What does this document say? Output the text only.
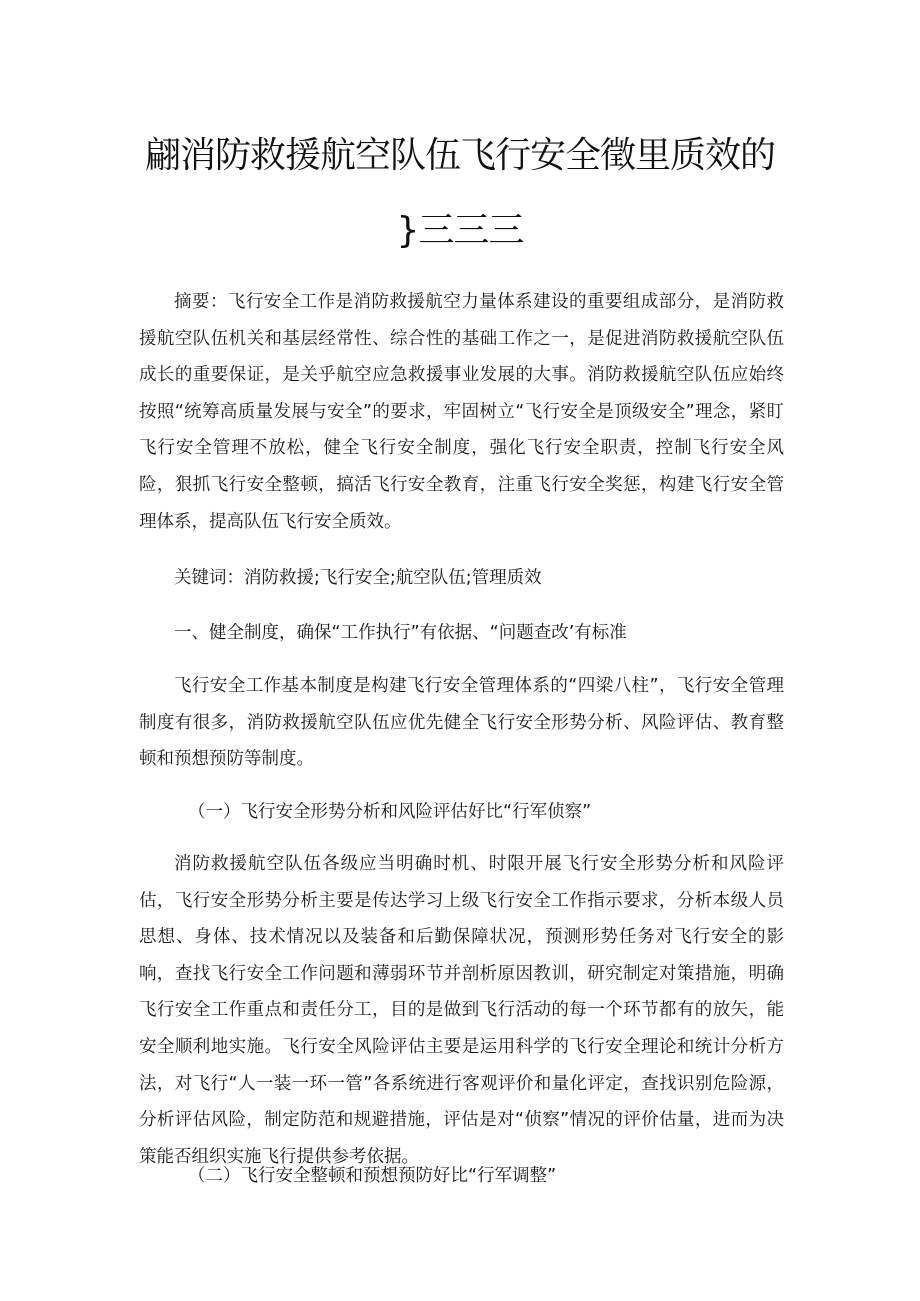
翩消防救援航空队伍飞行安全徵里质效的
}三三三

摘要：飞行安全工作是消防救援航空力量体系建设的重要组成部分，是消防救援航空队伍机关和基层经常性、综合性的基础工作之一，是促进消防救援航空队伍成长的重要保证，是关乎航空应急救援事业发展的大事。消防救援航空队伍应始终按照“统筹高质量发展与安全”的要求，牢固树立“飞行安全是顶级安全”理念，紧盯飞行安全管理不放松，健全飞行安全制度，强化飞行安全职责，控制飞行安全风险，狠抓飞行安全整顿，搞活飞行安全教育，注重飞行安全奖惩，构建飞行安全管理体系，提高队伍飞行安全质效。

关键词：消防救援;飞行安全;航空队伍;管理质效

一、健全制度，确保“工作执行”有依据、“问题查改’有标准

飞行安全工作基本制度是构建飞行安全管理体系的“四梁八柱”，飞行安全管理制度有很多，消防救援航空队伍应优先健全飞行安全形势分析、风险评估、教育整顿和预想预防等制度。

（一）飞行安全形势分析和风险评估好比“行军侦察”

消防救援航空队伍各级应当明确时机、时限开展飞行安全形势分析和风险评估，飞行安全形势分析主要是传达学习上级飞行安全工作指示要求，分析本级人员思想、身体、技术情况以及装备和后勤保障状况，预测形势任务对飞行安全的影响，查找飞行安全工作问题和薄弱环节并剖析原因教训，研究制定对策措施，明确飞行安全工作重点和责任分工，目的是做到飞行活动的每一个环节都有的放矢，能安全顺利地实施。飞行安全风险评估主要是运用科学的飞行安全理论和统计分析方法，对飞行“人一装一环一管”各系统进行客观评价和量化评定，查找识别危险源，分析评估风险，制定防范和规避措施，评估是对“侦察”情况的评价估量，进而为决策能否组织实施飞行提供参考依据。

（二）飞行安全整顿和预想预防好比“行军调整”
